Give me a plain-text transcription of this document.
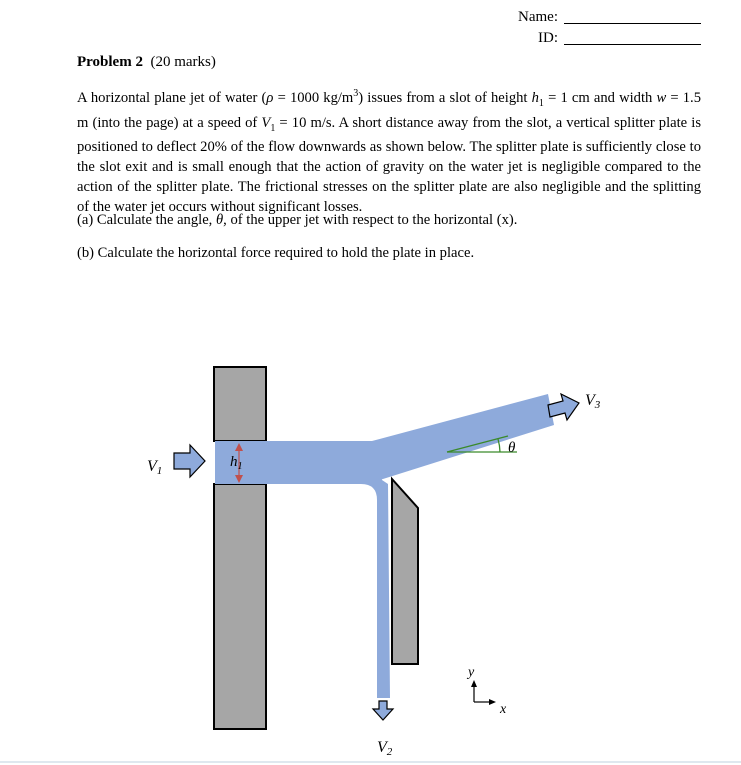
Name:
ID:
Problem 2 (20 marks)
A horizontal plane jet of water (ρ = 1000 $kg/m^3$) issues from a slot of height $h_1 = 1$ cm and width w = 1.5 m (into the page) at a speed of $V_1 = 10$ m/s. A short distance away from the slot, a vertical splitter plate is positioned to deflect 20% of the flow downwards as shown below. The splitter plate is sufficiently close to the slot exit and is small enough that the action of gravity on the water jet is negligible compared to the action of the splitter plate. The frictional stresses on the splitter plate are also negligible and the splitting of the water jet occurs without significant losses.
(a) Calculate the angle, θ, of the upper jet with respect to the horizontal (x).
(b) Calculate the horizontal force required to hold the plate in place.
V1
$h_1$
V3
θ
V2
y
x
